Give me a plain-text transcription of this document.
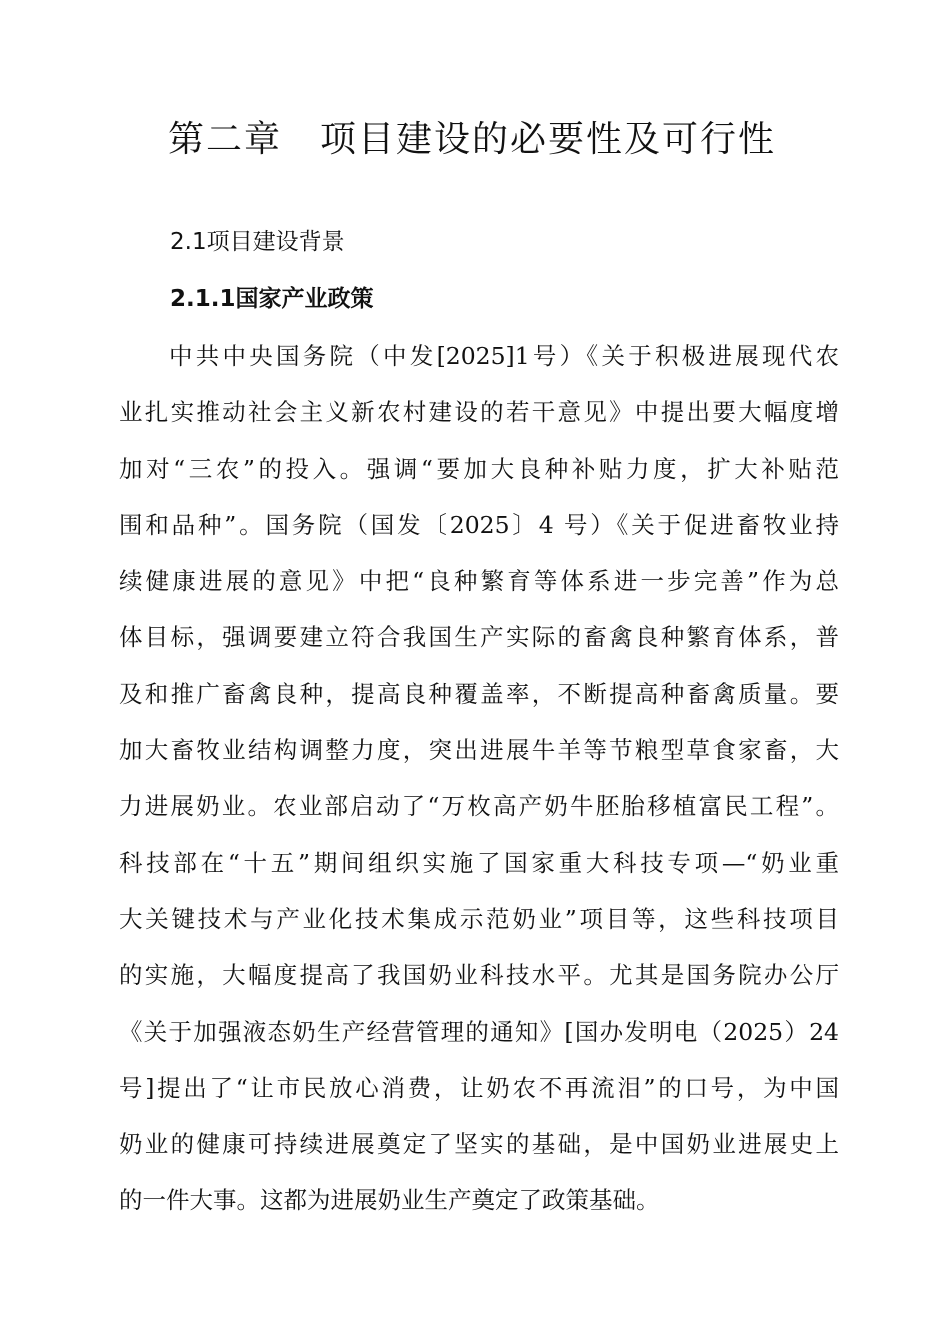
第二章　项目建设的必要性及可行性
2.1项目建设背景
2.1.1国家产业政策
中共中央国务院（中发[2025]1号）《关于积极进展现代农
业扎实推动社会主义新农村建设的若干意见》中提出要大幅度增
加对“三农”的投入。强调“要加大良种补贴力度，扩大补贴范
围和品种”。国务院（国发〔2025〕4 号）《关于促进畜牧业持
续健康进展的意见》中把“良种繁育等体系进一步完善”作为总
体目标，强调要建立符合我国生产实际的畜禽良种繁育体系，普
及和推广畜禽良种，提高良种覆盖率，不断提高种畜禽质量。要
加大畜牧业结构调整力度，突出进展牛羊等节粮型草食家畜，大
力进展奶业。农业部启动了“万枚高产奶牛胚胎移植富民工程”。
科技部在“十五”期间组织实施了国家重大科技专项—“奶业重
大关键技术与产业化技术集成示范奶业”项目等，这些科技项目
的实施，大幅度提高了我国奶业科技水平。尤其是国务院办公厅
《关于加强液态奶生产经营管理的通知》[国办发明电（2025）24
号]提出了“让市民放心消费，让奶农不再流泪”的口号，为中国
奶业的健康可持续进展奠定了坚实的基础，是中国奶业进展史上
的一件大事。这都为进展奶业生产奠定了政策基础。
